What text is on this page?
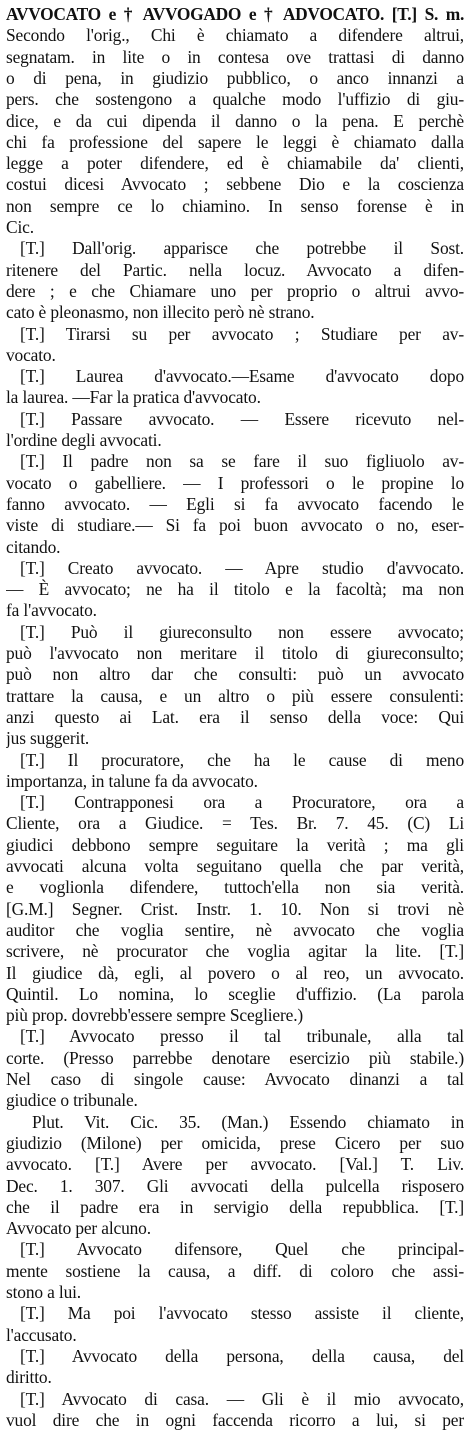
AVVOCATO e † AVVOGADO e † ADVOCATO. [T.] S. m.

Secondo l'orig., Chi è chiamato a difendere altrui,

segnatam. in lite o in contesa ove trattasi di danno

o di pena, in giudizio pubblico, o anco innanzi a

pers. che sostengono a qualche modo l'uffizio di giu-

dice, e da cui dipenda il danno o la pena. E perchè

chi fa professione del sapere le leggi è chiamato dalla

legge a poter difendere, ed è chiamabile da' clienti,

costui dicesi Avvocato ; sebbene Dio e la coscienza

non sempre ce lo chiamino. In senso forense è in

Cic.

[T.] Dall'orig. apparisce che potrebbe il Sost.

ritenere del Partic. nella locuz. Avvocato a difen-

dere ; e che Chiamare uno per proprio o altrui avvo-

cato è pleonasmo, non illecito però nè strano.

[T.] Tirarsi su per avvocato ; Studiare per av-

vocato.

[T.] Laurea d'avvocato.—Esame d'avvocato dopo

la laurea. —Far la pratica d'avvocato.

[T.] Passare avvocato. — Essere ricevuto nel-

l'ordine degli avvocati.

[T.] Il padre non sa se fare il suo figliuolo av-

vocato o gabelliere. — I professori o le propine lo

fanno avvocato. — Egli si fa avvocato facendo le

viste di studiare.— Si fa poi buon avvocato o no, eser-

citando.

[T.] Creato avvocato. — Apre studio d'avvocato.

— È avvocato; ne ha il titolo e la facoltà; ma non

fa l'avvocato.

[T.] Può il giureconsulto non essere avvocato;

può l'avvocato non meritare il titolo di giureconsulto;

può non altro dar che consulti: può un avvocato

trattare la causa, e un altro o più essere consulenti:

anzi questo ai Lat. era il senso della voce: Qui

jus suggerit.

[T.] Il procuratore, che ha le cause di meno

importanza, in talune fa da avvocato.

[T.] Contrapponesi ora a Procuratore, ora a

Cliente, ora a Giudice. = Tes. Br. 7. 45. (C) Li

giudici debbono sempre seguitare la verità ; ma gli

avvocati alcuna volta seguitano quella che par verità,

e voglionla difendere, tuttoch'ella non sia verità.

[G.M.] Segner. Crist. Instr. 1. 10. Non si trovi nè

auditor che voglia sentire, nè avvocato che voglia

scrivere, nè procurator che voglia agitar la lite. [T.]

Il giudice dà, egli, al povero o al reo, un avvocato.

Quintil. Lo nomina, lo sceglie d'uffizio. (La parola

più prop. dovrebb'essere sempre Scegliere.)

[T.] Avvocato presso il tal tribunale, alla tal

corte. (Presso parrebbe denotare esercizio più stabile.)

Nel caso di singole cause: Avvocato dinanzi a tal

giudice o tribunale.

Plut. Vit. Cic. 35. (Man.) Essendo chiamato in

giudizio (Milone) per omicida, prese Cicero per suo

avvocato. [T.] Avere per avvocato. [Val.] T. Liv.

Dec. 1. 307. Gli avvocati della pulcella risposero

che il padre era in servigio della repubblica. [T.]

Avvocato per alcuno.

[T.] Avvocato difensore, Quel che principal-

mente sostiene la causa, a diff. di coloro che assi-

stono a lui.

[T.] Ma poi l'avvocato stesso assiste il cliente,

l'accusato.

[T.] Avvocato della persona, della causa, del

diritto.

[T.] Avvocato di casa. — Gli è il mio avvocato,

vuol dire che in ogni faccenda ricorro a lui, si per
